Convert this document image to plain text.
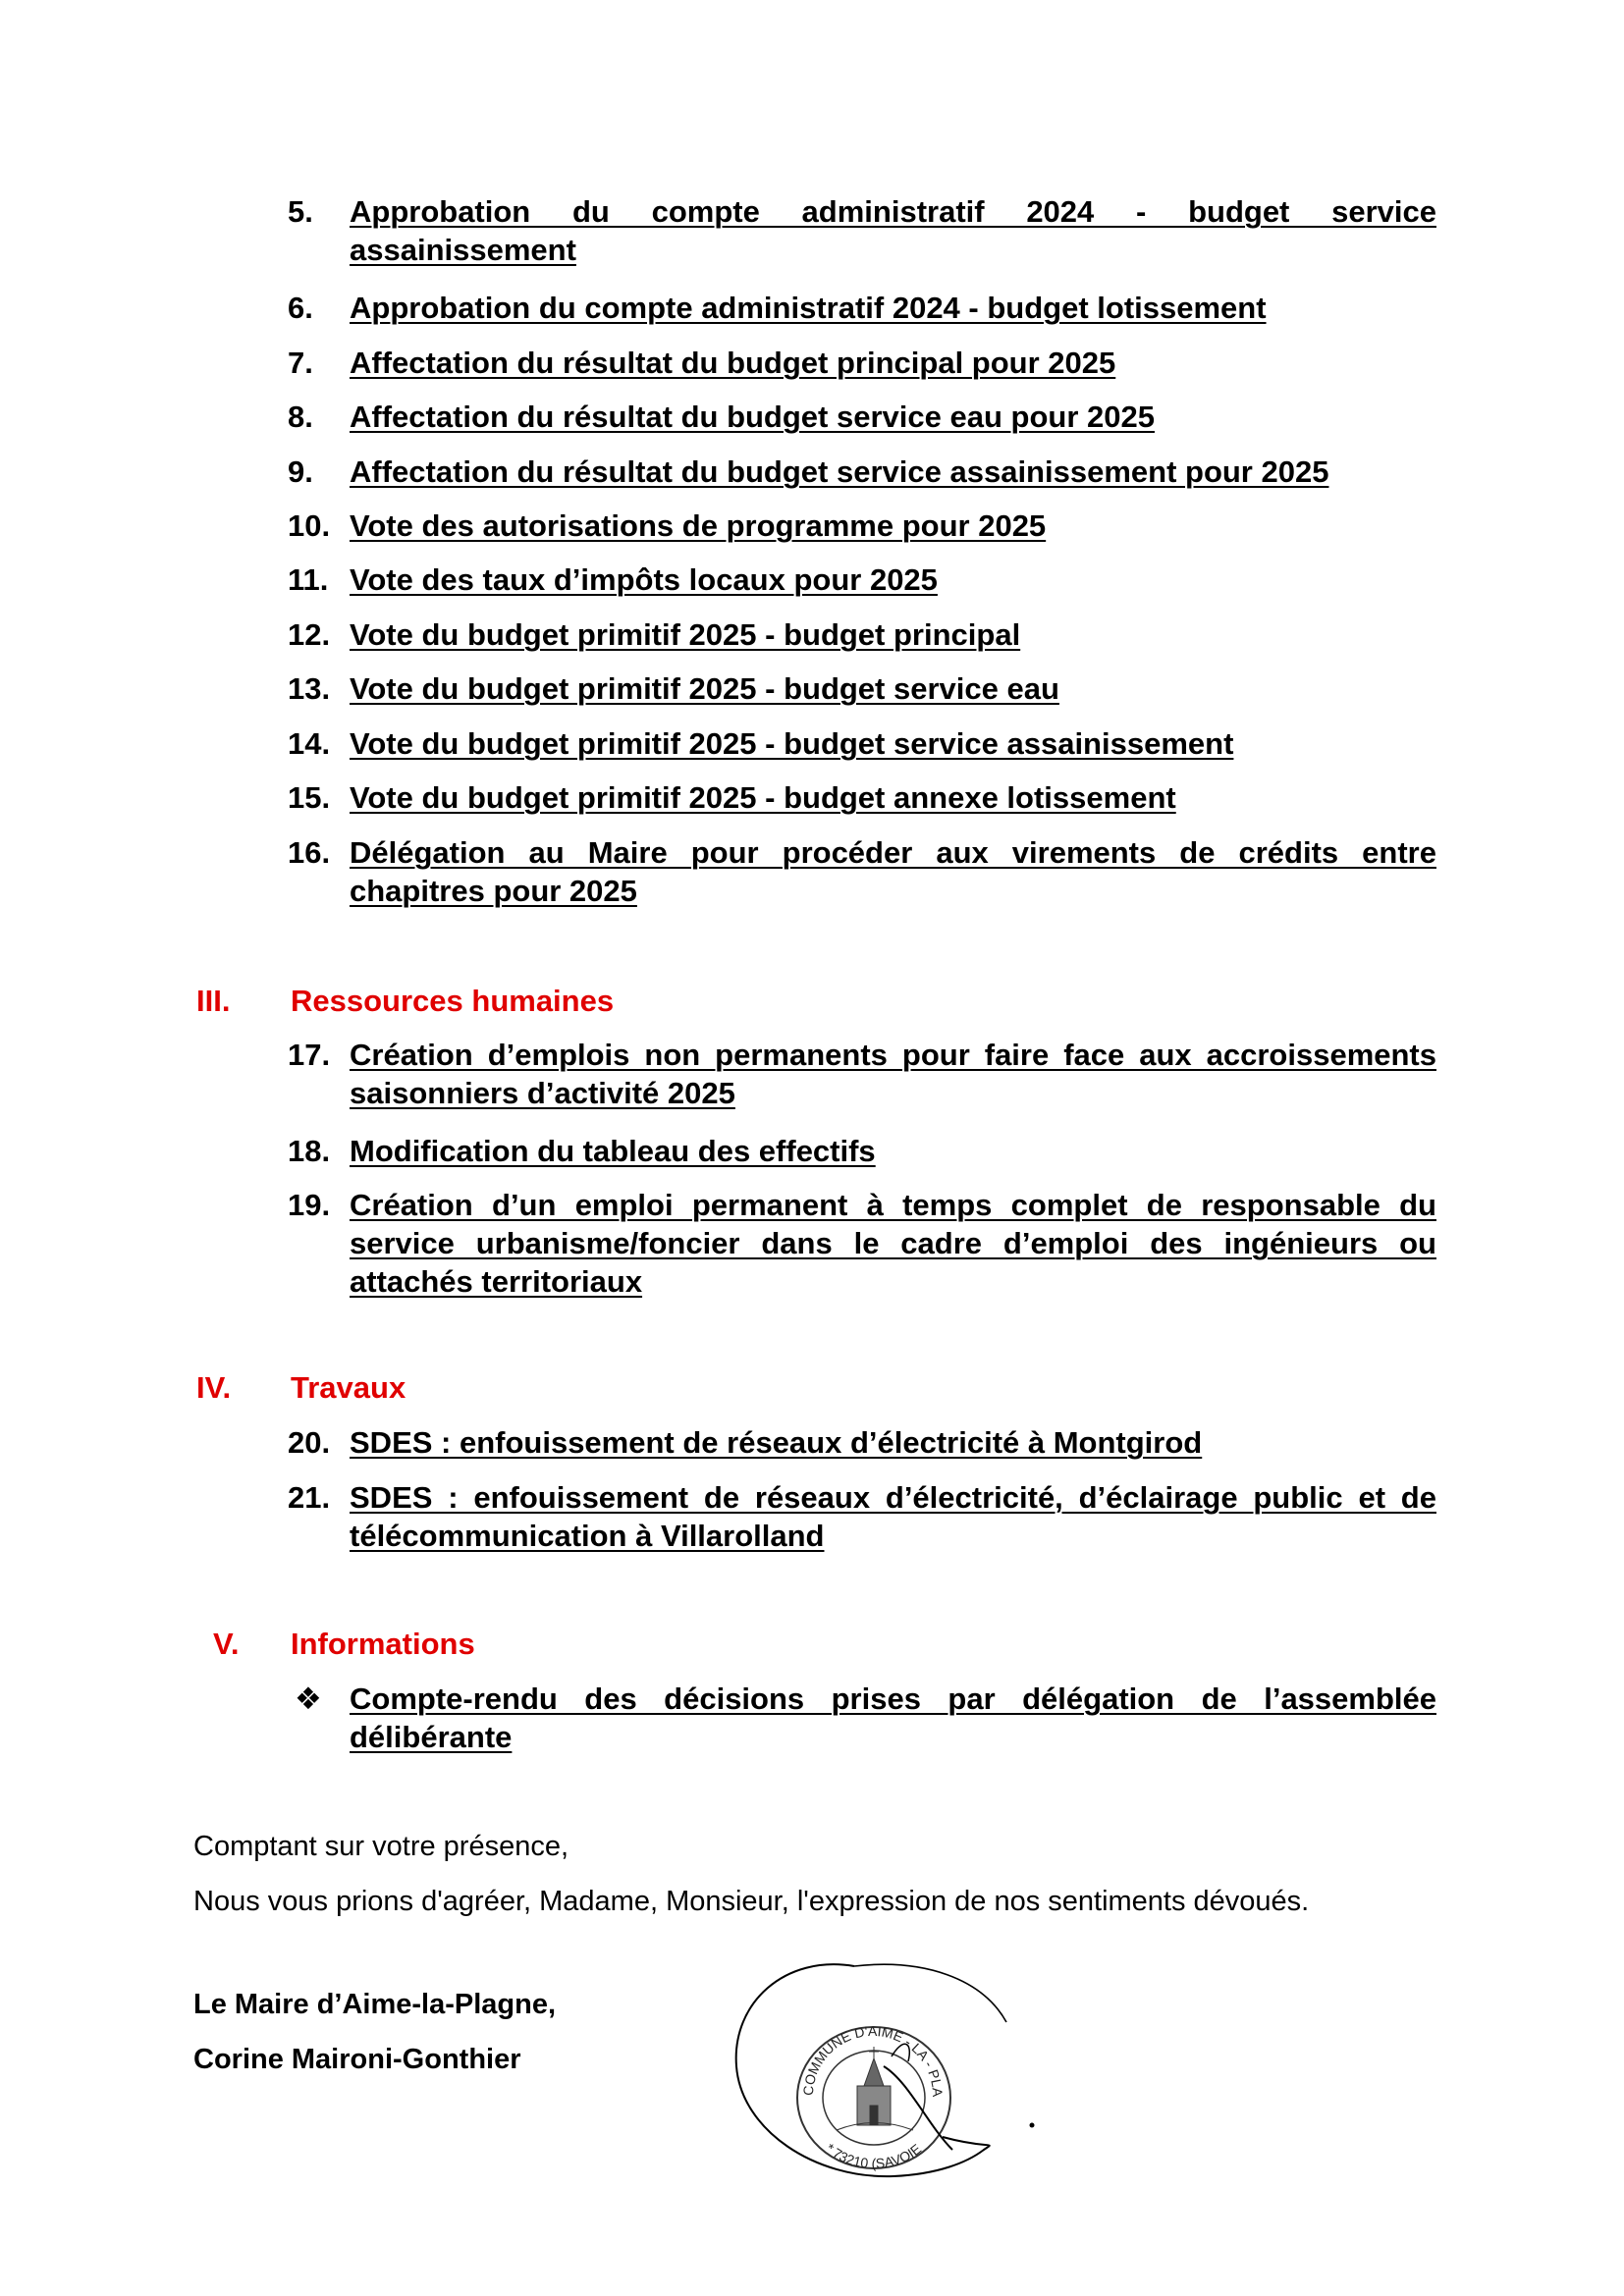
5. Approbation du compte administratif 2024 - budget service assainissement
6. Approbation du compte administratif 2024 - budget lotissement
7. Affectation du résultat du budget principal pour 2025
8. Affectation du résultat du budget service eau pour 2025
9. Affectation du résultat du budget service assainissement pour 2025
10. Vote des autorisations de programme pour 2025
11. Vote des taux d’impôts locaux pour 2025
12. Vote du budget primitif 2025 - budget principal
13. Vote du budget primitif 2025 - budget service eau
14. Vote du budget primitif 2025 - budget service assainissement
15. Vote du budget primitif 2025 - budget annexe lotissement
16. Délégation au Maire pour procéder aux virements de crédits entre chapitres pour 2025
III. Ressources humaines
17. Création d’emplois non permanents pour faire face aux accroissements saisonniers d’activité 2025
18. Modification du tableau des effectifs
19. Création d’un emploi permanent à temps complet de responsable du service urbanisme/foncier dans le cadre d’emploi des ingénieurs ou attachés territoriaux
IV. Travaux
20. SDES : enfouissement de réseaux d’électricité à Montgirod
21. SDES : enfouissement de réseaux d’électricité, d’éclairage public et de télécommunication à Villarolland
V. Informations
❖ Compte-rendu des décisions prises par délégation de l’assemblée délibérante
Comptant sur votre présence,
Nous vous prions d'agréer, Madame, Monsieur, l'expression de nos sentiments dévoués.
Le Maire d’Aime-la-Plagne,
Corine Maironi-Gonthier
COMMUNE D'AIME - LA - PLA
* 73210 (SAVOIE
